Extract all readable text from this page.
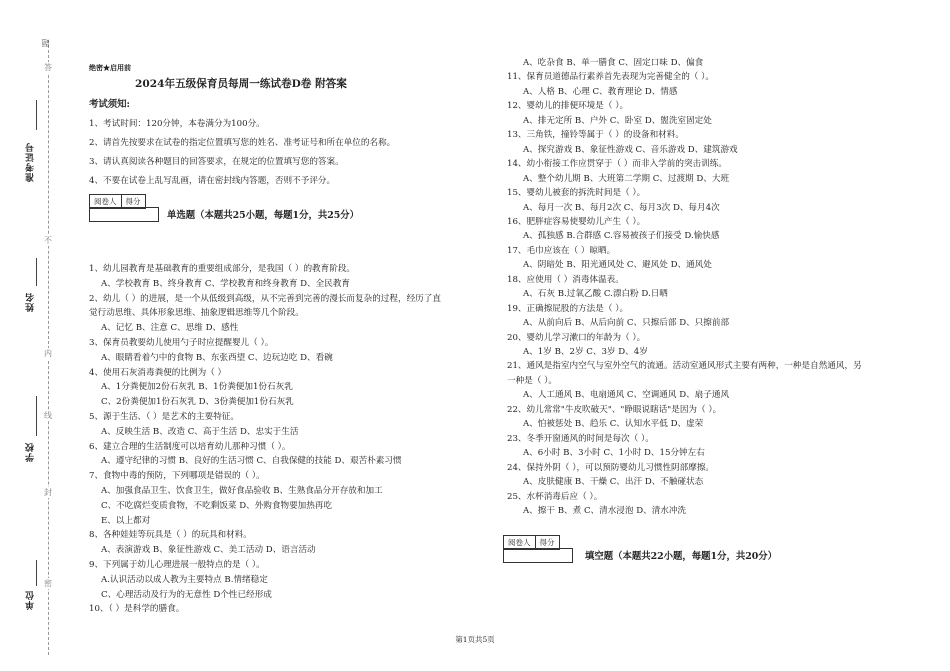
题
答
不
内
线
封
密
准考证号
姓名
学校
单位
绝密★启用前
2024年五级保育员每周一练试卷D卷 附答案
考试须知:
1、考试时间：120分钟，本卷满分为100分。
2、请首先按要求在试卷的指定位置填写您的姓名、准考证号和所在单位的名称。
3、请认真阅读各种题目的回答要求，在规定的位置填写您的答案。
4、不要在试卷上乱写乱画，请在密封线内答题，否则不予评分。
阅卷人	得分
单选题（本题共25小题，每题1分，共25分）
1、幼儿园教育是基础教育的重要组成部分，是我国（ ）的教育阶段。
A、学校教育 B、终身教育 C、学校教育和终身教育 D、全民教育
2、幼儿（ ）的进展，是一个从低级到高级，从不完善到完善的漫长而复杂的过程，经历了直
觉行动思维、具体形象思维、抽象逻辑思维等几个阶段。
A、记忆 B、注意 C、思维 D、感性
3、保育员教要幼儿使用勺子时应提醒婴儿（ ）。
A、眼睛看着勺中的食物 B、东张西望 C、边玩边吃 D、看碗
4、使用石灰消毒粪便的比例为（ ）
A、1分粪便加2份石灰乳 B、1份粪便加1份石灰乳
C、2份粪便加1份石灰乳 D、3份粪便加1份石灰乳
5、源于生活、（ ）是艺术的主要特征。
A、反映生活 B、改造 C、高于生活 D、忠实于生活
6、建立合理的生活制度可以培育幼儿那种习惯（ ）。
A、遵守纪律的习惯 B、良好的生活习惯 C、自我保健的技能 D、艰苦朴素习惯
7、食物中毒的预防，下列哪项是错误的（ ）。
A、加强食品卫生、饮食卫生，做好食品验收 B、生熟食品分开存放和加工
C、不吃腐烂变质食物，不吃剩饭菜 D、外购食物要加热再吃
E、以上都对
8、各种娃娃等玩具是（ ）的玩具和材料。
A、表演游戏 B、象征性游戏 C、美工活动 D、语言活动
9、下列属于幼儿心理进展一般特点的是（ ）。
A.认识活动以成人教为主要特点 B.情绪稳定
C、心理活动及行为的无意性 D个性已经形成
10、（ ）是科学的膳食。
A、吃杂食 B、单一膳食 C、固定口味 D、偏食
11、保育员道德品行素养首先表现为完善健全的（ ）。
A、人格 B、心理 C、教育理论 D、情感
12、婴幼儿的排便环境是（ ）。
A、排无定所 B、户外 C、卧室 D、盥洗室固定处
13、三角铁，撞铃等属于（ ）的设备和材料。
A、探究游戏 B、象征性游戏 C、音乐游戏 D、建筑游戏
14、幼小衔接工作应贯穿于（ ）而非入学前的突击训练。
A、整个幼儿期 B、大班第二学期 C、过渡期 D、大班
15、婴幼儿被套的拆洗时间是（ ）。
A、每月一次 B、每月2次 C、每月3次 D、每月4次
16、肥胖症容易使婴幼儿产生（ ）。
A、孤独感 B.合群感 C.容易被孩子们接受 D.愉快感
17、毛巾应该在（ ）晾晒。
A、阴暗处 B、阳光通风处 C、避风处 D、通风处
18、应使用（ ）消毒体温表。
A、石灰 B.过氧乙酸 C.漂白粉 D.日晒
19、正确擦屁股的方法是（ ）。
A、从前向后 B、从后向前 C、只擦后部 D、只擦前部
20、婴幼儿学习漱口的年龄为（ ）。
A、1岁 B、2岁 C、3岁 D、4岁
21、通风是指室内空气与室外空气的流通。活动室通风形式主要有两种，一种是自然通风，另
一种是（ ）。
A、人工通风 B、电扇通风 C、空调通风 D、扇子通风
22、幼儿常常"牛皮吹破天"、"睁眼说瞎话"是因为（ ）。
A、怕被惩处 B、趋乐 C、认知水平低 D、虚荣
23、冬季开窗通风的时间是每次（ ）。
A、6小时 B、3小时 C、1小时 D、15分钟左右
24、保持外阴（ ），可以预防婴幼儿习惯性阴部摩擦。
A、皮肤健康 B、干燥 C、出汗 D、不触碰状态
25、水杯消毒后应（ ）。
A、擦干 B、煮 C、清水浸泡 D、清水冲洗
阅卷人	得分
填空题（本题共22小题，每题1分，共20分）
第1页共5页
